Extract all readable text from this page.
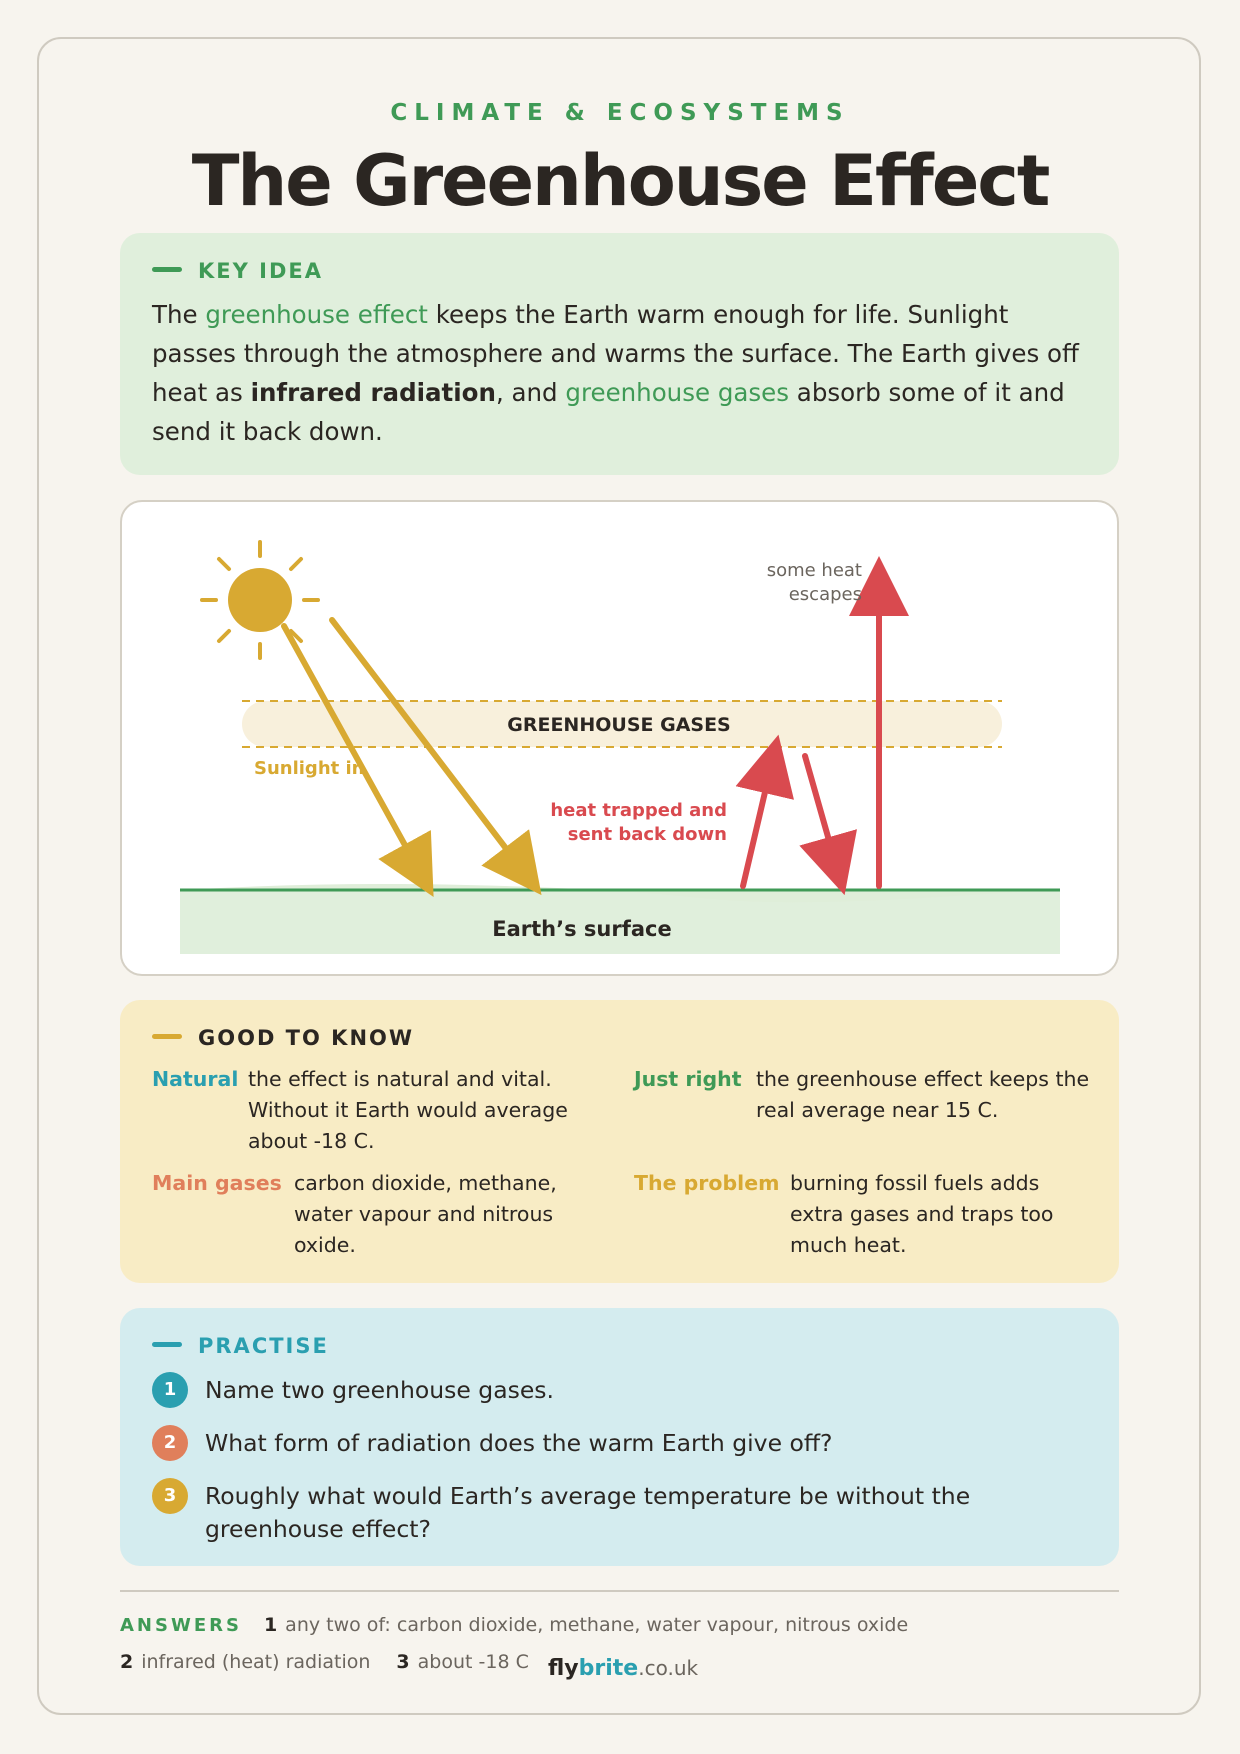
CLIMATE & ECOSYSTEMS
The Greenhouse Effect
KEY IDEA
The greenhouse effect keeps the Earth warm enough for life. Sunlight passes through the atmosphere and warms the surface. The Earth gives off heat as infrared radiation, and greenhouse gases absorb some of it and send it back down.
Earth’s surface
GREENHOUSE GASES
Sunlight in
some heat
escapes
heat trapped and
sent back down
GOOD TO KNOW
Natural the effect is natural and vital. Without it Earth would average about -18 C.
Just right the greenhouse effect keeps the real average near 15 C.
Main gases carbon dioxide, methane, water vapour and nitrous oxide.
The problem burning fossil fuels adds extra gases and traps too much heat.
PRACTISE
1	Name two greenhouse gases.
2	What form of radiation does the warm Earth give off?
3	Roughly what would Earth’s average temperature be without the greenhouse effect?
ANSWERS 1 any two of: carbon dioxide, methane, water vapour, nitrous oxide
2 infrared (heat) radiation 3 about -18 C flybrite.co.uk
